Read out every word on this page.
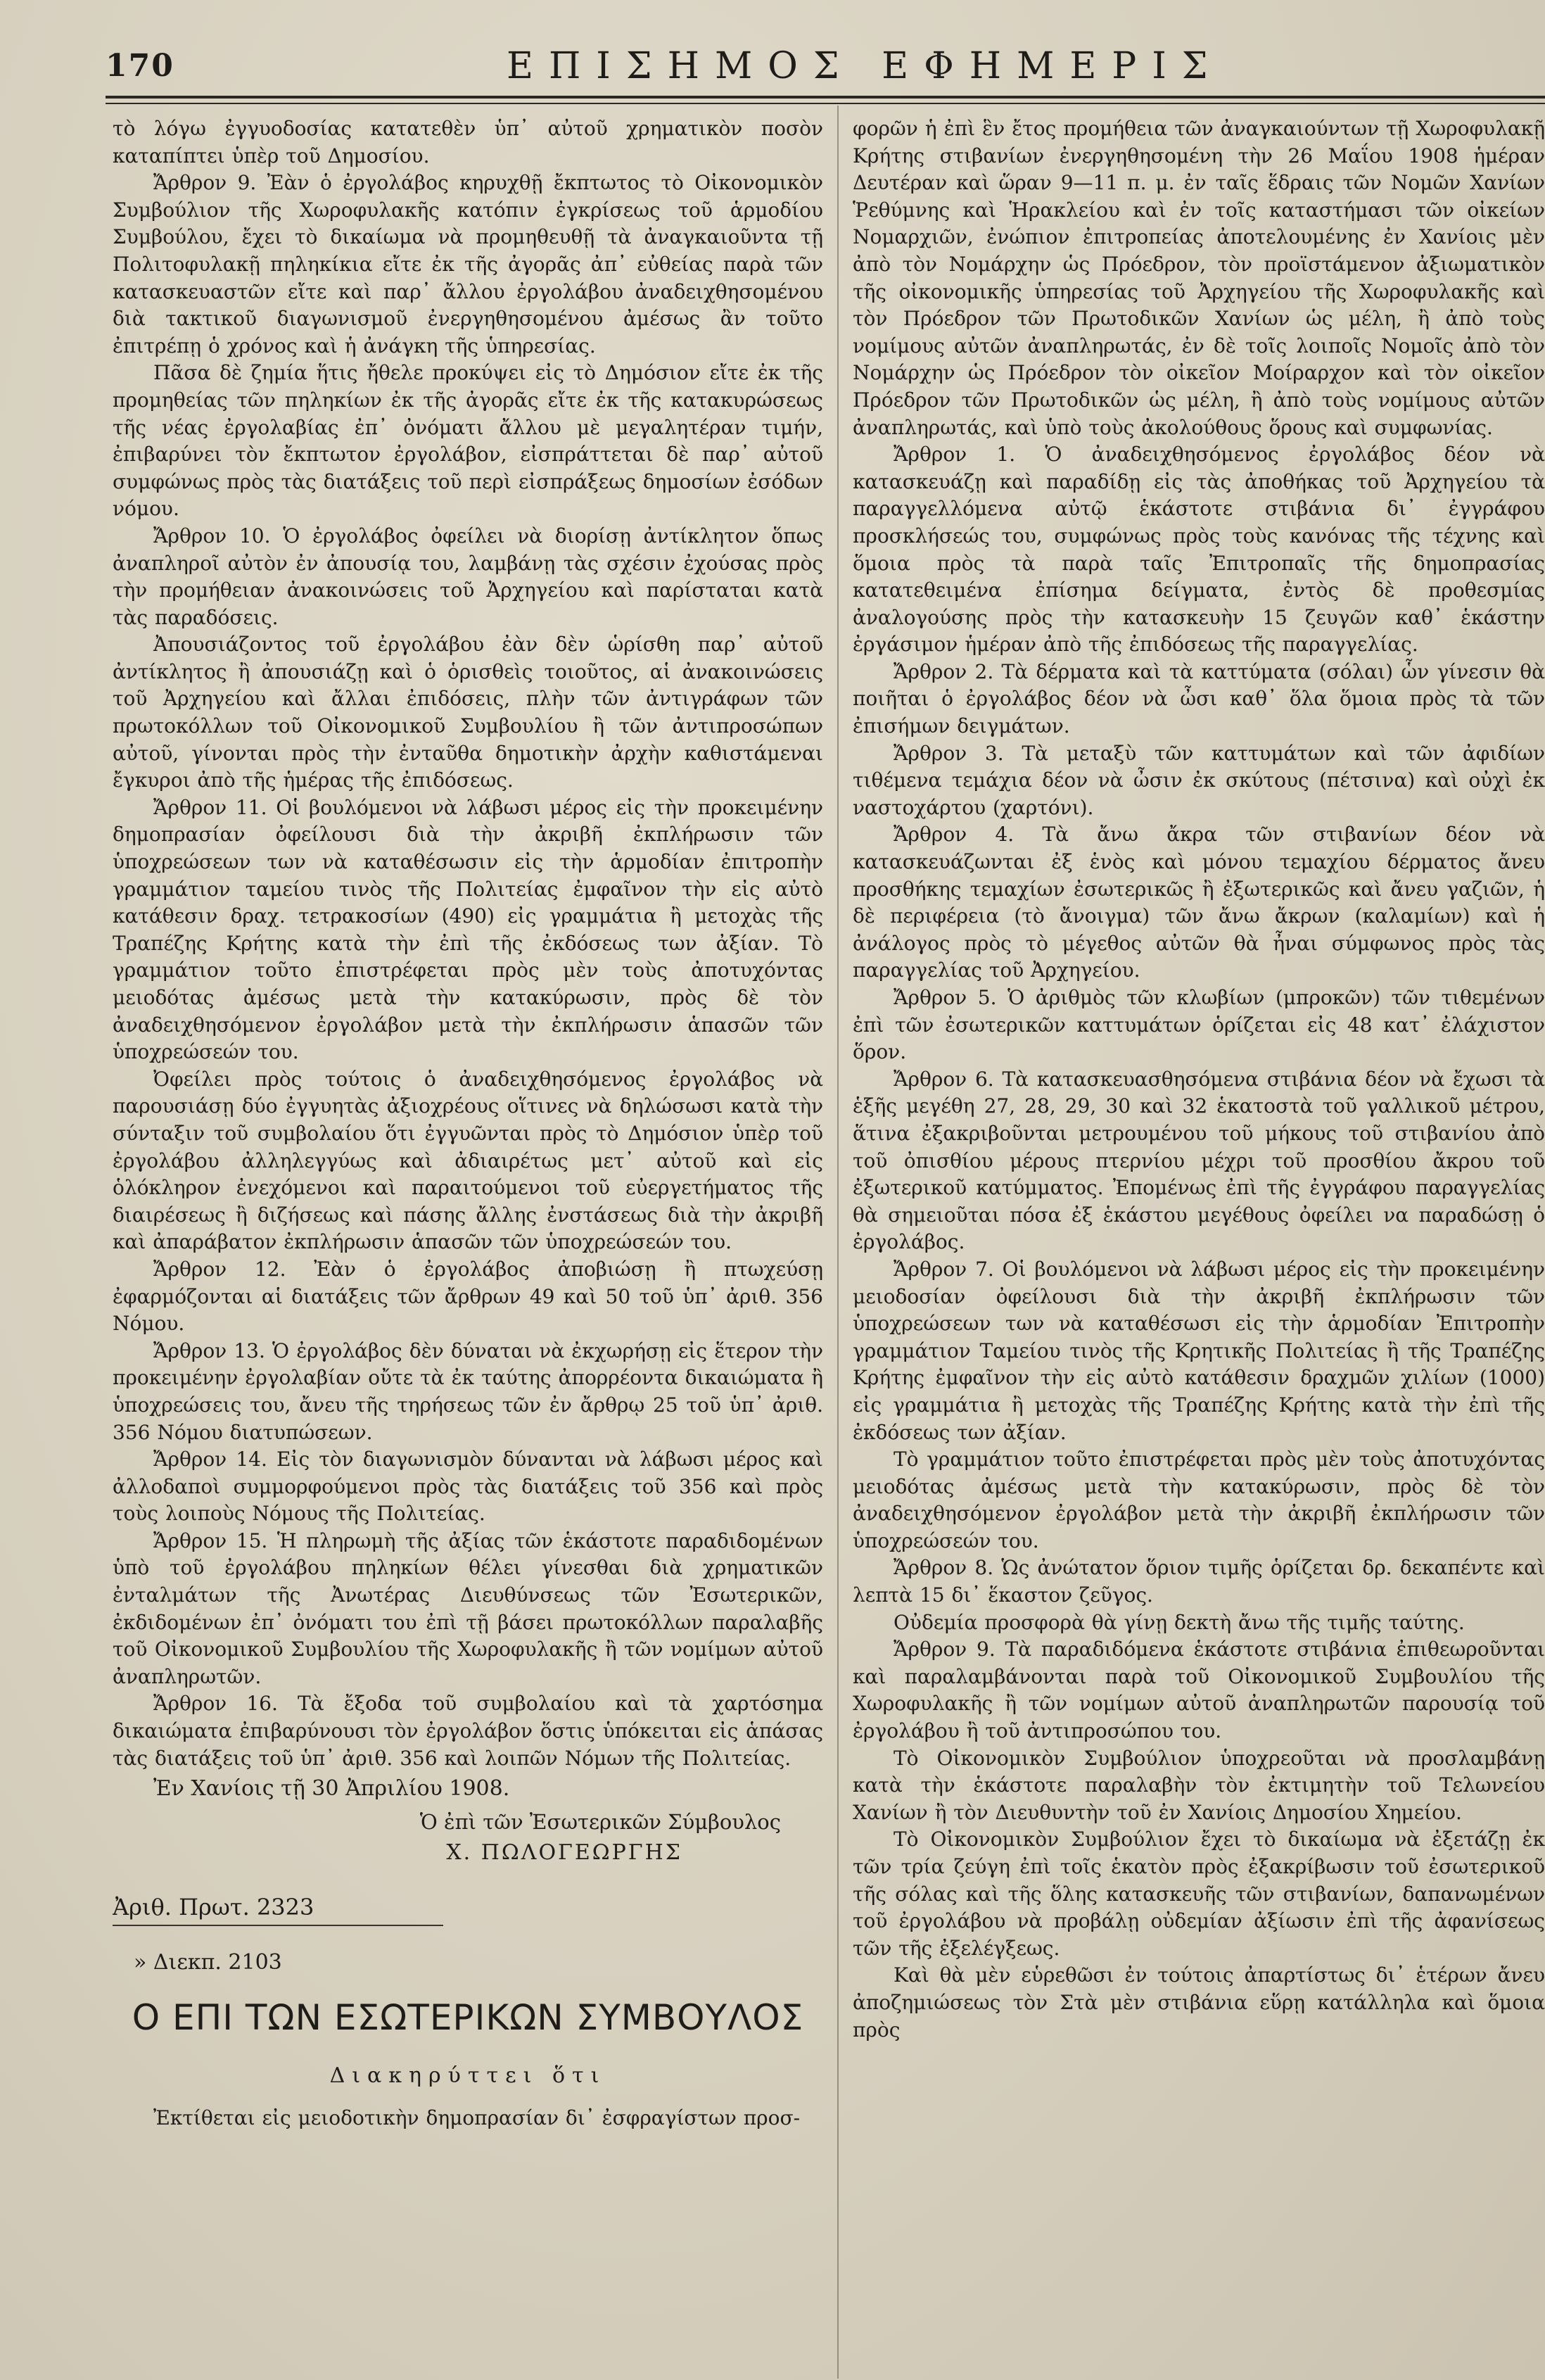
170	ΕΠΙΣΗΜΟΣ ΕΦΗΜΕΡΙΣ

τὸ λόγω ἐγγυοδοσίας κατατεθὲν ὑπ᾽ αὐτοῦ χρηματικὸν ποσὸν καταπίπτει ὑπὲρ τοῦ Δημοσίου.

Ἄρθρον 9. Ἐὰν ὁ ἐργολάβος κηρυχθῇ ἔκπτωτος τὸ Οἰκονομικὸν Συμβούλιον τῆς Χωροφυλακῆς κατόπιν ἐγκρίσεως τοῦ ἁρμοδίου Συμβούλου, ἔχει τὸ δικαίωμα νὰ προμηθευθῇ τὰ ἀναγκαιοῦντα τῇ Πολιτοφυλακῇ πηληκίκια εἴτε ἐκ τῆς ἀγορᾶς ἀπ᾽ εὐθείας παρὰ τῶν κατασκευαστῶν εἴτε καὶ παρ᾽ ἄλλου ἐργολάβου ἀναδειχθησομένου διὰ τακτικοῦ διαγωνισμοῦ ἐνεργηθησομένου ἀμέσως ἂν τοῦτο ἐπιτρέπῃ ὁ χρόνος καὶ ἡ ἀνάγκη τῆς ὑπηρεσίας.

Πᾶσα δὲ ζημία ἥτις ἤθελε προκύψει εἰς τὸ Δημόσιον εἴτε ἐκ τῆς προμηθείας τῶν πηληκίων ἐκ τῆς ἀγορᾶς εἴτε ἐκ τῆς κατακυρώσεως τῆς νέας ἐργολαβίας ἐπ᾽ ὀνόματι ἄλλου μὲ μεγαλητέραν τιμήν, ἐπιβαρύνει τὸν ἔκπτωτον ἐργολάβον, εἰσπράττεται δὲ παρ᾽ αὐτοῦ συμφώνως πρὸς τὰς διατάξεις τοῦ περὶ εἰσπράξεως δημοσίων ἐσόδων νόμου.

Ἄρθρον 10. Ὁ ἐργολάβος ὀφείλει νὰ διορίσῃ ἀντίκλητον ὅπως ἀναπληροῖ αὐτὸν ἐν ἀπουσίᾳ του, λαμβάνῃ τὰς σχέσιν ἐχούσας πρὸς τὴν προμήθειαν ἀνακοινώσεις τοῦ Ἀρχηγείου καὶ παρίσταται κατὰ τὰς παραδόσεις.

Ἀπουσιάζοντος τοῦ ἐργολάβου ἐὰν δὲν ὡρίσθη παρ᾽ αὐτοῦ ἀντίκλητος ἢ ἀπουσιάζῃ καὶ ὁ ὁρισθεὶς τοιοῦτος, αἱ ἀνακοινώσεις τοῦ Ἀρχηγείου καὶ ἄλλαι ἐπιδόσεις, πλὴν τῶν ἀντιγράφων τῶν πρωτοκόλλων τοῦ Οἰκονομικοῦ Συμβουλίου ἢ τῶν ἀντιπροσώπων αὐτοῦ, γίνονται πρὸς τὴν ἐνταῦθα δημοτικὴν ἀρχὴν καθιστάμεναι ἔγκυροι ἀπὸ τῆς ἡμέρας τῆς ἐπιδόσεως.

Ἄρθρον 11. Οἱ βουλόμενοι νὰ λάβωσι μέρος εἰς τὴν προκειμένην δημοπρασίαν ὀφείλουσι διὰ τὴν ἀκριβῆ ἐκπλήρωσιν τῶν ὑποχρεώσεων των νὰ καταθέσωσιν εἰς τὴν ἁρμοδίαν ἐπιτροπὴν γραμμάτιον ταμείου τινὸς τῆς Πολιτείας ἐμφαῖνον τὴν εἰς αὐτὸ κατάθεσιν δραχ. τετρακοσίων (490) εἰς γραμμάτια ἢ μετοχὰς τῆς Τραπέζης Κρήτης κατὰ τὴν ἐπὶ τῆς ἐκδόσεως των ἀξίαν. Τὸ γραμμάτιον τοῦτο ἐπιστρέφεται πρὸς μὲν τοὺς ἀποτυχόντας μειοδότας ἀμέσως μετὰ τὴν κατακύρωσιν, πρὸς δὲ τὸν ἀναδειχθησόμενον ἐργολάβον μετὰ τὴν ἐκπλήρωσιν ἁπασῶν τῶν ὑποχρεώσεών του.

Ὀφείλει πρὸς τούτοις ὁ ἀναδειχθησόμενος ἐργολάβος νὰ παρουσιάσῃ δύο ἐγγυητὰς ἀξιοχρέους οἵτινες νὰ δηλώσωσι κατὰ τὴν σύνταξιν τοῦ συμβολαίου ὅτι ἐγγυῶνται πρὸς τὸ Δημόσιον ὑπὲρ τοῦ ἐργολάβου ἀλληλεγγύως καὶ ἀδιαιρέτως μετ᾽ αὐτοῦ καὶ εἰς ὁλόκληρον ἐνεχόμενοι καὶ παραιτούμενοι τοῦ εὐεργετήματος τῆς διαιρέσεως ἢ διζήσεως καὶ πάσης ἄλλης ἐνστάσεως διὰ τὴν ἀκριβῆ καὶ ἀπαράβατον ἐκπλήρωσιν ἁπασῶν τῶν ὑποχρεώσεών του.

Ἄρθρον 12. Ἐὰν ὁ ἐργολάβος ἀποβιώσῃ ἢ πτωχεύσῃ ἐφαρμόζονται αἱ διατάξεις τῶν ἄρθρων 49 καὶ 50 τοῦ ὑπ᾽ ἀριθ. 356 Νόμου.

Ἄρθρον 13. Ὁ ἐργολάβος δὲν δύναται νὰ ἐκχωρήσῃ εἰς ἕτερον τὴν προκειμένην ἐργολαβίαν οὔτε τὰ ἐκ ταύτης ἀπορρέοντα δικαιώματα ἢ ὑποχρεώσεις του, ἄνευ τῆς τηρήσεως τῶν ἐν ἄρθρῳ 25 τοῦ ὑπ᾽ ἀριθ. 356 Νόμου διατυπώσεων.

Ἄρθρον 14. Εἰς τὸν διαγωνισμὸν δύνανται νὰ λάβωσι μέρος καὶ ἀλλοδαποὶ συμμορφούμενοι πρὸς τὰς διατάξεις τοῦ 356 καὶ πρὸς τοὺς λοιποὺς Νόμους τῆς Πολιτείας.

Ἄρθρον 15. Ἡ πληρωμὴ τῆς ἀξίας τῶν ἑκάστοτε παραδιδομένων ὑπὸ τοῦ ἐργολάβου πηληκίων θέλει γίνεσθαι διὰ χρηματικῶν ἐνταλμάτων τῆς Ἀνωτέρας Διευθύνσεως τῶν Ἐσωτερικῶν, ἐκδιδομένων ἐπ᾽ ὀνόματι του ἐπὶ τῇ βάσει πρωτοκόλλων παραλαβῆς τοῦ Οἰκονομικοῦ Συμβουλίου τῆς Χωροφυλακῆς ἢ τῶν νομίμων αὐτοῦ ἀναπληρωτῶν.

Ἄρθρον 16. Τὰ ἔξοδα τοῦ συμβολαίου καὶ τὰ χαρτόσημα δικαιώματα ἐπιβαρύνουσι τὸν ἐργολάβον ὅστις ὑπόκειται εἰς ἁπάσας τὰς διατάξεις τοῦ ὑπ᾽ ἀριθ. 356 καὶ λοιπῶν Νόμων τῆς Πολιτείας.

Ἐν Χανίοις τῇ 30 Ἀπριλίου 1908.

Ὁ ἐπὶ τῶν Ἐσωτερικῶν Σύμβουλος
Χ. ΠΩΛΟΓΕΩΡΓΗΣ
Ἀριθ. Πρωτ. 2323
» Διεκπ. 2103
Ο ΕΠΙ ΤΩΝ ΕΣΩΤΕΡΙΚΩΝ ΣΥΜΒΟΥΛΟΣ
Διακηρύττει ὅτι

Ἐκτίθεται εἰς μειοδοτικὴν δημοπρασίαν δι᾽ ἐσφραγίστων προσ-

φορῶν ἡ ἐπὶ ἓν ἔτος προμήθεια τῶν ἀναγκαιούντων τῇ Χωροφυλακῇ Κρήτης στιβανίων ἐνεργηθησομένη τὴν 26 Μαΐου 1908 ἡμέραν Δευτέραν καὶ ὥραν 9—11 π. μ. ἐν ταῖς ἕδραις τῶν Νομῶν Χανίων Ῥεθύμνης καὶ Ἡρακλείου καὶ ἐν τοῖς καταστήμασι τῶν οἰκείων Νομαρχιῶν, ἐνώπιον ἐπιτροπείας ἀποτελουμένης ἐν Χανίοις μὲν ἀπὸ τὸν Νομάρχην ὡς Πρόεδρον, τὸν προϊστάμενον ἀξιωματικὸν τῆς οἰκονομικῆς ὑπηρεσίας τοῦ Ἀρχηγείου τῆς Χωροφυλακῆς καὶ τὸν Πρόεδρον τῶν Πρωτοδικῶν Χανίων ὡς μέλη, ἢ ἀπὸ τοὺς νομίμους αὐτῶν ἀναπληρωτάς, ἐν δὲ τοῖς λοιποῖς Νομοῖς ἀπὸ τὸν Νομάρχην ὡς Πρόεδρον τὸν οἰκεῖον Μοίραρχον καὶ τὸν οἰκεῖον Πρόεδρον τῶν Πρωτοδικῶν ὡς μέλη, ἢ ἀπὸ τοὺς νομίμους αὐτῶν ἀναπληρωτάς, καὶ ὑπὸ τοὺς ἀκολούθους ὅρους καὶ συμφωνίας.

Ἄρθρον 1. Ὁ ἀναδειχθησόμενος ἐργολάβος δέον νὰ κατασκευάζῃ καὶ παραδίδῃ εἰς τὰς ἀποθήκας τοῦ Ἀρχηγείου τὰ παραγγελλόμενα αὐτῷ ἑκάστοτε στιβάνια δι᾽ ἐγγράφου προσκλήσεώς του, συμφώνως πρὸς τοὺς κανόνας τῆς τέχνης καὶ ὅμοια πρὸς τὰ παρὰ ταῖς Ἐπιτροπαῖς τῆς δημοπρασίας κατατεθειμένα ἐπίσημα δείγματα, ἐντὸς δὲ προθεσμίας ἀναλογούσης πρὸς τὴν κατασκευὴν 15 ζευγῶν καθ᾽ ἑκάστην ἐργάσιμον ἡμέραν ἀπὸ τῆς ἐπιδόσεως τῆς παραγγελίας.

Ἄρθρον 2. Τὰ δέρματα καὶ τὰ καττύματα (σόλαι) ὧν γίνεσιν θὰ ποιῆται ὁ ἐργολάβος δέον νὰ ὦσι καθ᾽ ὅλα ὅμοια πρὸς τὰ τῶν ἐπισήμων δειγμάτων.

Ἄρθρον 3. Τὰ μεταξὺ τῶν καττυμάτων καὶ τῶν ἀφιδίων τιθέμενα τεμάχια δέον νὰ ὦσιν ἐκ σκύτους (πέτσινα) καὶ οὐχὶ ἐκ ναστοχάρτου (χαρτόνι).

Ἄρθρον 4. Τὰ ἄνω ἄκρα τῶν στιβανίων δέον νὰ κατασκευάζωνται ἐξ ἑνὸς καὶ μόνου τεμαχίου δέρματος ἄνευ προσθήκης τεμαχίων ἐσωτερικῶς ἢ ἐξωτερικῶς καὶ ἄνευ γαζιῶν, ἡ δὲ περιφέρεια (τὸ ἄνοιγμα) τῶν ἄνω ἄκρων (καλαμίων) καὶ ἡ ἀνάλογος πρὸς τὸ μέγεθος αὐτῶν θὰ ἦναι σύμφωνος πρὸς τὰς παραγγελίας τοῦ Ἀρχηγείου.

Ἄρθρον 5. Ὁ ἀριθμὸς τῶν κλωβίων (μπροκῶν) τῶν τιθεμένων ἐπὶ τῶν ἐσωτερικῶν καττυμάτων ὁρίζεται εἰς 48 κατ᾽ ἐλάχιστον ὅρον.

Ἄρθρον 6. Τὰ κατασκευασθησόμενα στιβάνια δέον νὰ ἔχωσι τὰ ἑξῆς μεγέθη 27, 28, 29, 30 καὶ 32 ἑκατοστὰ τοῦ γαλλικοῦ μέτρου, ἅτινα ἐξακριβοῦνται μετρουμένου τοῦ μήκους τοῦ στιβανίου ἀπὸ τοῦ ὀπισθίου μέρους πτερνίου μέχρι τοῦ προσθίου ἄκρου τοῦ ἐξωτερικοῦ κατύμματος. Ἐπομένως ἐπὶ τῆς ἐγγράφου παραγγελίας θὰ σημειοῦται πόσα ἐξ ἑκάστου μεγέθους ὀφείλει να παραδώσῃ ὁ ἐργολάβος.

Ἄρθρον 7. Οἱ βουλόμενοι νὰ λάβωσι μέρος εἰς τὴν προκειμένην μειοδοσίαν ὀφείλουσι διὰ τὴν ἀκριβῆ ἐκπλήρωσιν τῶν ὑποχρεώσεων των νὰ καταθέσωσι εἰς τὴν ἁρμοδίαν Ἐπιτροπὴν γραμμάτιον Ταμείου τινὸς τῆς Κρητικῆς Πολιτείας ἢ τῆς Τραπέζης Κρήτης ἐμφαῖνον τὴν εἰς αὐτὸ κατάθεσιν δραχμῶν χιλίων (1000) εἰς γραμμάτια ἢ μετοχὰς τῆς Τραπέζης Κρήτης κατὰ τὴν ἐπὶ τῆς ἐκδόσεως των ἀξίαν.

Τὸ γραμμάτιον τοῦτο ἐπιστρέφεται πρὸς μὲν τοὺς ἀποτυχόντας μειοδότας ἀμέσως μετὰ τὴν κατακύρωσιν, πρὸς δὲ τὸν ἀναδειχθησόμενον ἐργολάβον μετὰ τὴν ἀκριβῆ ἐκπλήρωσιν τῶν ὑποχρεώσεών του.

Ἄρθρον 8. Ὡς ἀνώτατον ὅριον τιμῆς ὁρίζεται δρ. δεκαπέντε καὶ λεπτὰ 15 δι᾽ ἕκαστον ζεῦγος.

Οὐδεμία προσφορὰ θὰ γίνῃ δεκτὴ ἄνω τῆς τιμῆς ταύτης.

Ἄρθρον 9. Τὰ παραδιδόμενα ἑκάστοτε στιβάνια ἐπιθεωροῦνται καὶ παραλαμβάνονται παρὰ τοῦ Οἰκονομικοῦ Συμβουλίου τῆς Χωροφυλακῆς ἢ τῶν νομίμων αὐτοῦ ἀναπληρωτῶν παρουσίᾳ τοῦ ἐργολάβου ἢ τοῦ ἀντιπροσώπου του.

Τὸ Οἰκονομικὸν Συμβούλιον ὑποχρεοῦται νὰ προσλαμβάνῃ κατὰ τὴν ἑκάστοτε παραλαβὴν τὸν ἐκτιμητὴν τοῦ Τελωνείου Χανίων ἢ τὸν Διευθυντὴν τοῦ ἐν Χανίοις Δημοσίου Χημείου.

Τὸ Οἰκονομικὸν Συμβούλιον ἔχει τὸ δικαίωμα νὰ ἐξετάζῃ ἐκ τῶν τρία ζεύγη ἐπὶ τοῖς ἑκατὸν πρὸς ἐξακρίβωσιν τοῦ ἐσωτερικοῦ τῆς σόλας καὶ τῆς ὅλης κατασκευῆς τῶν στιβανίων, δαπανωμένων τοῦ ἐργολάβου νὰ προβάλῃ οὐδεμίαν ἀξίωσιν ἐπὶ τῆς ἀφανίσεως τῶν τῆς ἐξελέγξεως.

Καὶ θὰ μὲν εὑρεθῶσι ἐν τούτοις ἀπαρτίστως δι᾽ ἑτέρων ἄνευ ἀποζημιώσεως τὸν Στὰ μὲν στιβάνια εὕρῃ κατάλληλα καὶ ὅμοια πρὸς
